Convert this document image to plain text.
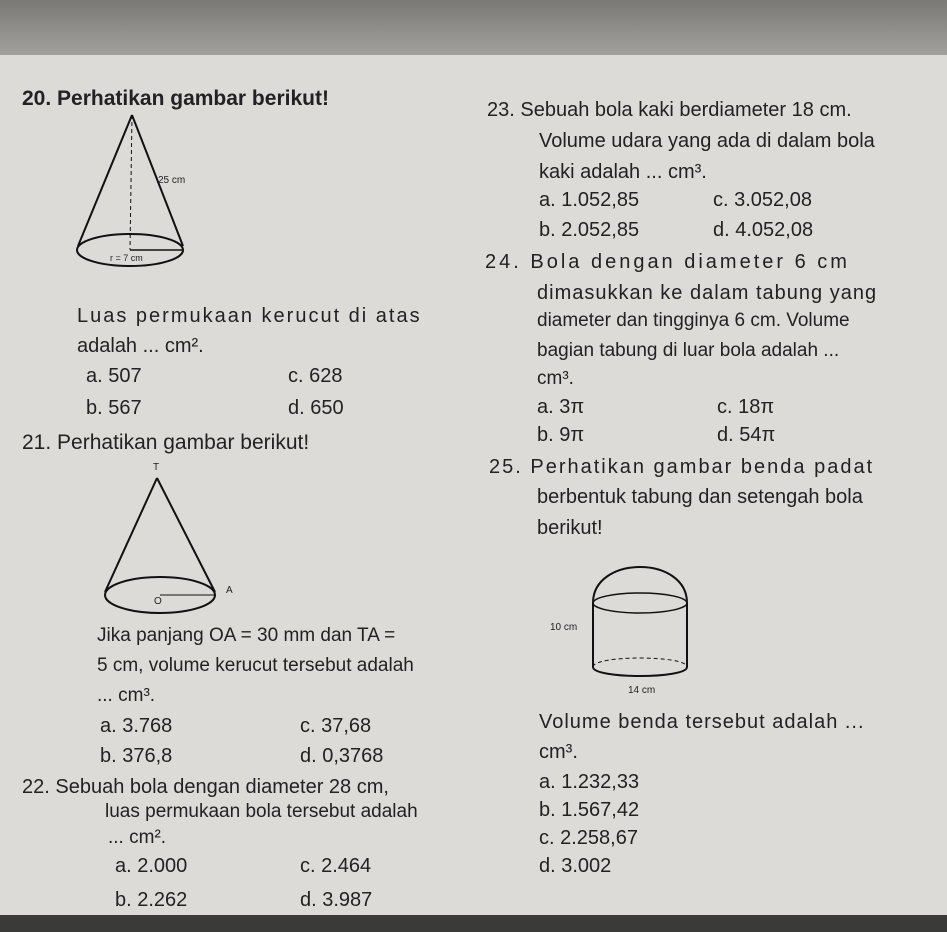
20. Perhatikan gambar berikut!
25 cm
r = 7 cm
Luas permukaan kerucut di atas
adalah ... cm².
a. 507
b. 567
c. 628
d. 650
21. Perhatikan gambar berikut!
T
O
A
Jika panjang OA = 30 mm dan TA =
5 cm, volume kerucut tersebut adalah
... cm³.
a. 3.768
b. 376,8
c. 37,68
d. 0,3768
22. Sebuah bola dengan diameter 28 cm,
luas permukaan bola tersebut adalah
... cm².
a. 2.000
b. 2.262
c. 2.464
d. 3.987
23. Sebuah bola kaki berdiameter 18 cm.
Volume udara yang ada di dalam bola
kaki adalah ... cm³.
a. 1.052,85
b. 2.052,85
c. 3.052,08
d. 4.052,08
24. Bola dengan diameter 6 cm
dimasukkan ke dalam tabung yang
diameter dan tingginya 6 cm. Volume
bagian tabung di luar bola adalah ...
cm³.
a. 3π
b. 9π
c. 18π
d. 54π
25. Perhatikan gambar benda padat
berbentuk tabung dan setengah bola
berikut!
10 cm
14 cm
Volume benda tersebut adalah ...
cm³.
a. 1.232,33
b. 1.567,42
c. 2.258,67
d. 3.002
